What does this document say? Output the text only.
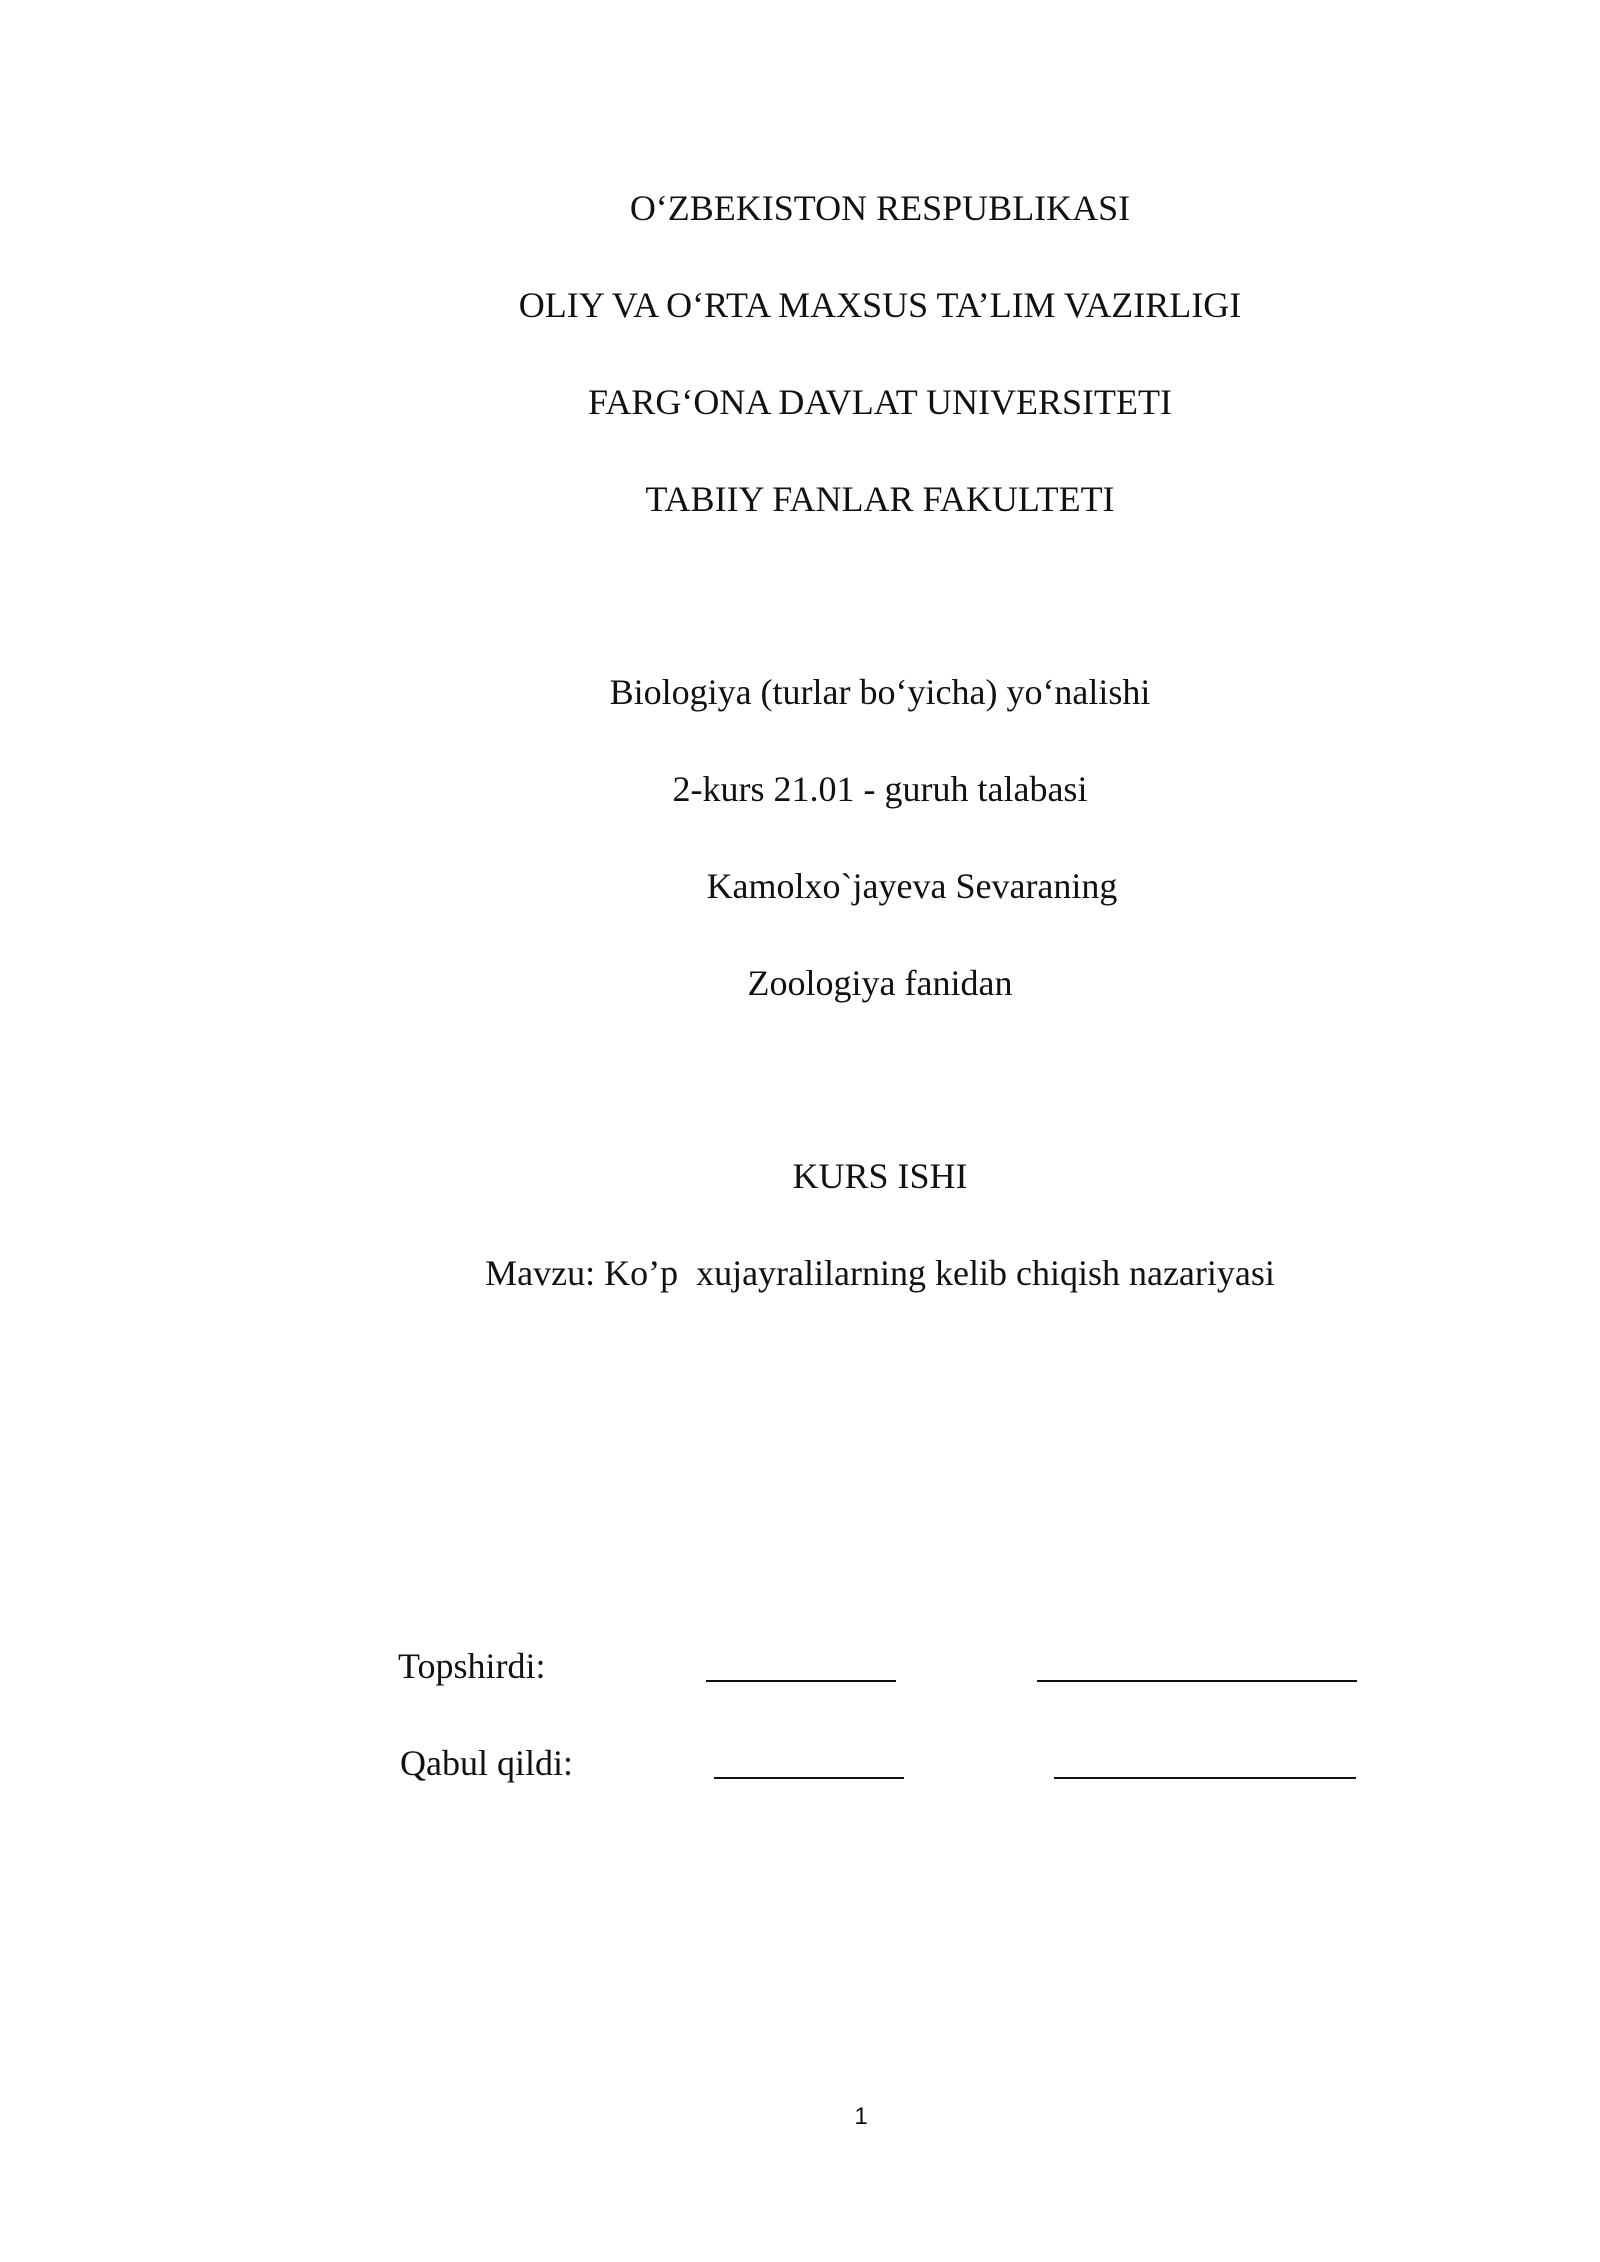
O‘ZBEKISTON RESPUBLIKASI
OLIY VA O‘RTA MAXSUS TA’LIM VAZIRLIGI
FARG‘ONA DAVLAT UNIVERSITETI
TABIIY FANLAR FAKULTETI
Biologiya (turlar bo‘yicha) yo‘nalishi
2-kurs 21.01 - guruh talabasi
Kamolxo`jayeva Sevaraning
Zoologiya fanidan
KURS ISHI
Mavzu: Ko’p  xujayralilarning kelib chiqish nazariyasi
Topshirdi:
Qabul qildi:
1
